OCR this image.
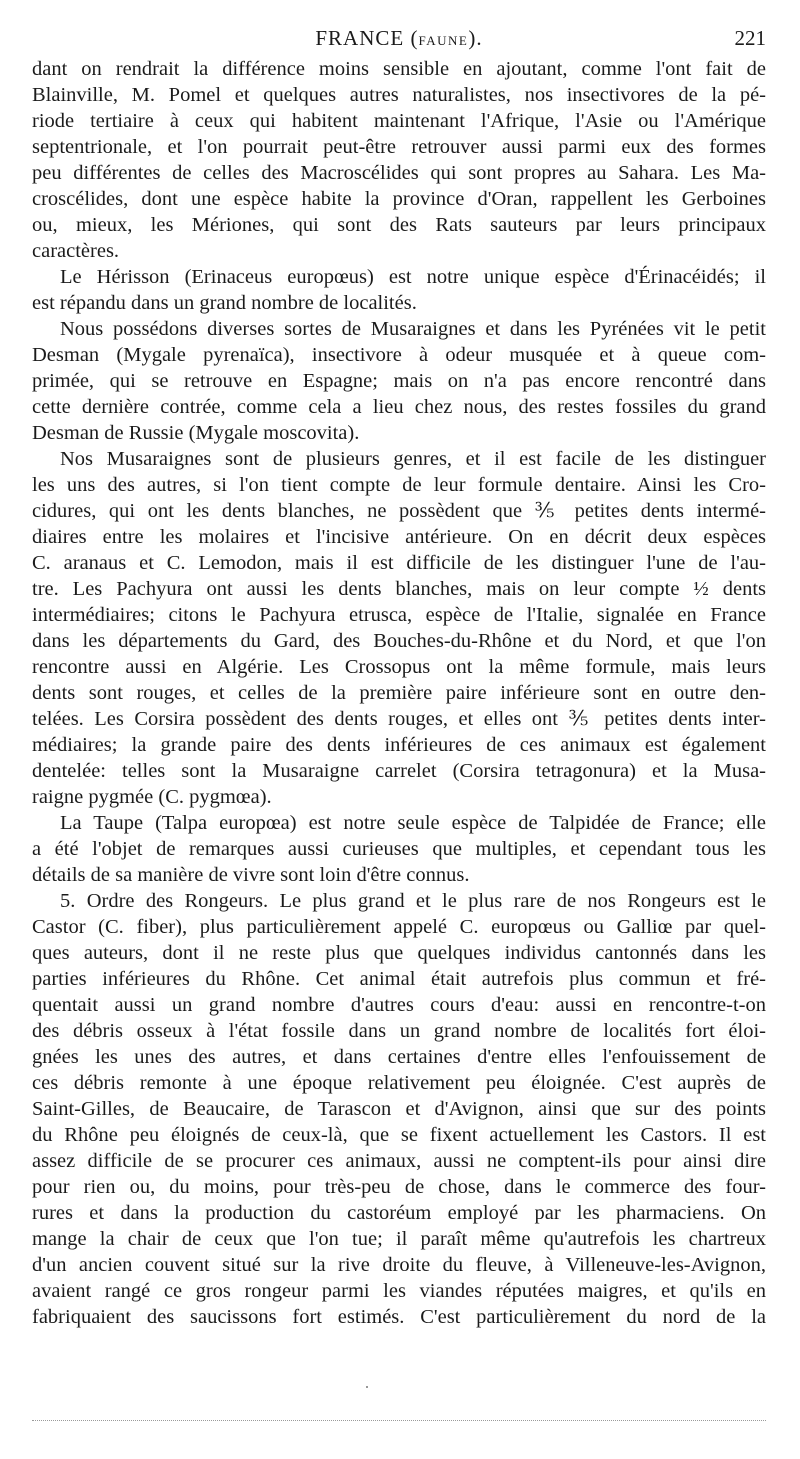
FRANCE (faune).	221

dant on rendrait la différence moins sensible en ajoutant, comme l'ont fait de

Blainville, M. Pomel et quelques autres naturalistes, nos insectivores de la pé-

riode tertiaire à ceux qui habitent maintenant l'Afrique, l'Asie ou l'Amérique

septentrionale, et l'on pourrait peut-être retrouver aussi parmi eux des formes

peu différentes de celles des Macroscélides qui sont propres au Sahara. Les Ma-

croscélides, dont une espèce habite la province d'Oran, rappellent les Gerboines

ou, mieux, les Mériones, qui sont des Rats sauteurs par leurs principaux

caractères.

Le Hérisson (Erinaceus europœus) est notre unique espèce d'Érinacéidés; il

est répandu dans un grand nombre de localités.

Nous possédons diverses sortes de Musaraignes et dans les Pyrénées vit le petit

Desman (Mygale pyrenaïca), insectivore à odeur musquée et à queue com-

primée, qui se retrouve en Espagne; mais on n'a pas encore rencontré dans

cette dernière contrée, comme cela a lieu chez nous, des restes fossiles du grand

Desman de Russie (Mygale moscovita).

Nos Musaraignes sont de plusieurs genres, et il est facile de les distinguer

les uns des autres, si l'on tient compte de leur formule dentaire. Ainsi les Cro-

cidures, qui ont les dents blanches, ne possèdent que ⅗ petites dents intermé-

diaires entre les molaires et l'incisive antérieure. On en décrit deux espèces

C. aranaus et C. Lemodon, mais il est difficile de les distinguer l'une de l'au-

tre. Les Pachyura ont aussi les dents blanches, mais on leur compte ½ dents

intermédiaires; citons le Pachyura etrusca, espèce de l'Italie, signalée en France

dans les départements du Gard, des Bouches-du-Rhône et du Nord, et que l'on

rencontre aussi en Algérie. Les Crossopus ont la même formule, mais leurs

dents sont rouges, et celles de la première paire inférieure sont en outre den-

telées. Les Corsira possèdent des dents rouges, et elles ont ⅗ petites dents inter-

médiaires; la grande paire des dents inférieures de ces animaux est également

dentelée: telles sont la Musaraigne carrelet (Corsira tetragonura) et la Musa-

raigne pygmée (C. pygmœa).

La Taupe (Talpa europœa) est notre seule espèce de Talpidée de France; elle

a été l'objet de remarques aussi curieuses que multiples, et cependant tous les

détails de sa manière de vivre sont loin d'être connus.

5. Ordre des Rongeurs. Le plus grand et le plus rare de nos Rongeurs est le

Castor (C. fiber), plus particulièrement appelé C. europœus ou Galliœ par quel-

ques auteurs, dont il ne reste plus que quelques individus cantonnés dans les

parties inférieures du Rhône. Cet animal était autrefois plus commun et fré-

quentait aussi un grand nombre d'autres cours d'eau: aussi en rencontre-t-on

des débris osseux à l'état fossile dans un grand nombre de localités fort éloi-

gnées les unes des autres, et dans certaines d'entre elles l'enfouissement de

ces débris remonte à une époque relativement peu éloignée. C'est auprès de

Saint-Gilles, de Beaucaire, de Tarascon et d'Avignon, ainsi que sur des points

du Rhône peu éloignés de ceux-là, que se fixent actuellement les Castors. Il est

assez difficile de se procurer ces animaux, aussi ne comptent-ils pour ainsi dire

pour rien ou, du moins, pour très-peu de chose, dans le commerce des four-

rures et dans la production du castoréum employé par les pharmaciens. On

mange la chair de ceux que l'on tue; il paraît même qu'autrefois les chartreux

d'un ancien couvent situé sur la rive droite du fleuve, à Villeneuve-les-Avignon,

avaient rangé ce gros rongeur parmi les viandes réputées maigres, et qu'ils en

fabriquaient des saucissons fort estimés. C'est particulièrement du nord de la
